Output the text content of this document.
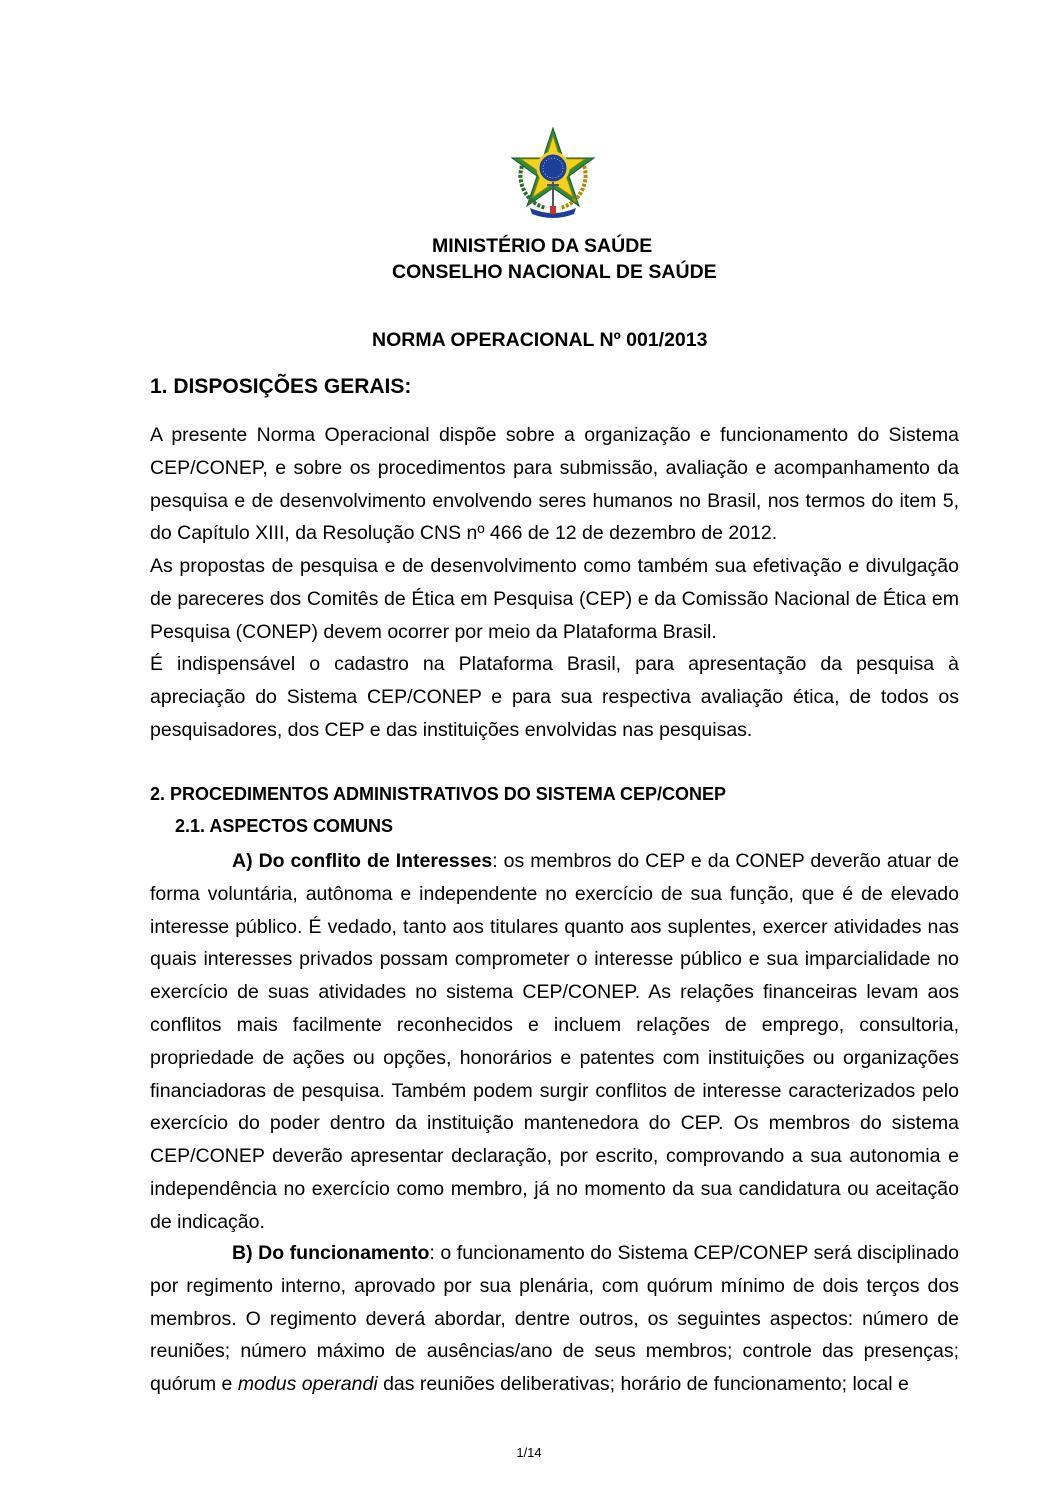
MINISTÉRIO DA SAÚDE
CONSELHO NACIONAL DE SAÚDE
NORMA OPERACIONAL Nº 001/2013
1. DISPOSIÇÕES GERAIS:
A presente Norma Operacional dispõe sobre a organização e funcionamento do Sistema CEP/CONEP, e sobre os procedimentos para submissão, avaliação e acompanhamento da pesquisa e de desenvolvimento envolvendo seres humanos no Brasil, nos termos do item 5, do Capítulo XIII, da Resolução CNS nº 466 de 12 de dezembro de 2012.
As propostas de pesquisa e de desenvolvimento como também sua efetivação e divulgação de pareceres dos Comitês de Ética em Pesquisa (CEP) e da Comissão Nacional de Ética em Pesquisa (CONEP) devem ocorrer por meio da Plataforma Brasil.
É indispensável o cadastro na Plataforma Brasil, para apresentação da pesquisa à apreciação do Sistema CEP/CONEP e para sua respectiva avaliação ética, de todos os pesquisadores, dos CEP e das instituições envolvidas nas pesquisas.
2. PROCEDIMENTOS ADMINISTRATIVOS DO SISTEMA CEP/CONEP
2.1. ASPECTOS COMUNS
A) Do conflito de Interesses: os membros do CEP e da CONEP deverão atuar de forma voluntária, autônoma e independente no exercício de sua função, que é de elevado interesse público. É vedado, tanto aos titulares quanto aos suplentes, exercer atividades nas quais interesses privados possam comprometer o interesse público e sua imparcialidade no exercício de suas atividades no sistema CEP/CONEP. As relações financeiras levam aos conflitos mais facilmente reconhecidos e incluem relações de emprego, consultoria, propriedade de ações ou opções, honorários e patentes com instituições ou organizações financiadoras de pesquisa. Também podem surgir conflitos de interesse caracterizados pelo exercício do poder dentro da instituição mantenedora do CEP. Os membros do sistema CEP/CONEP deverão apresentar declaração, por escrito, comprovando a sua autonomia e independência no exercício como membro, já no momento da sua candidatura ou aceitação de indicação.
B) Do funcionamento: o funcionamento do Sistema CEP/CONEP será disciplinado por regimento interno, aprovado por sua plenária, com quórum mínimo de dois terços dos membros. O regimento deverá abordar, dentre outros, os seguintes aspectos: número de reuniões; número máximo de ausências/ano de seus membros; controle das presenças; quórum e modus operandi das reuniões deliberativas; horário de funcionamento; local e
1/14
